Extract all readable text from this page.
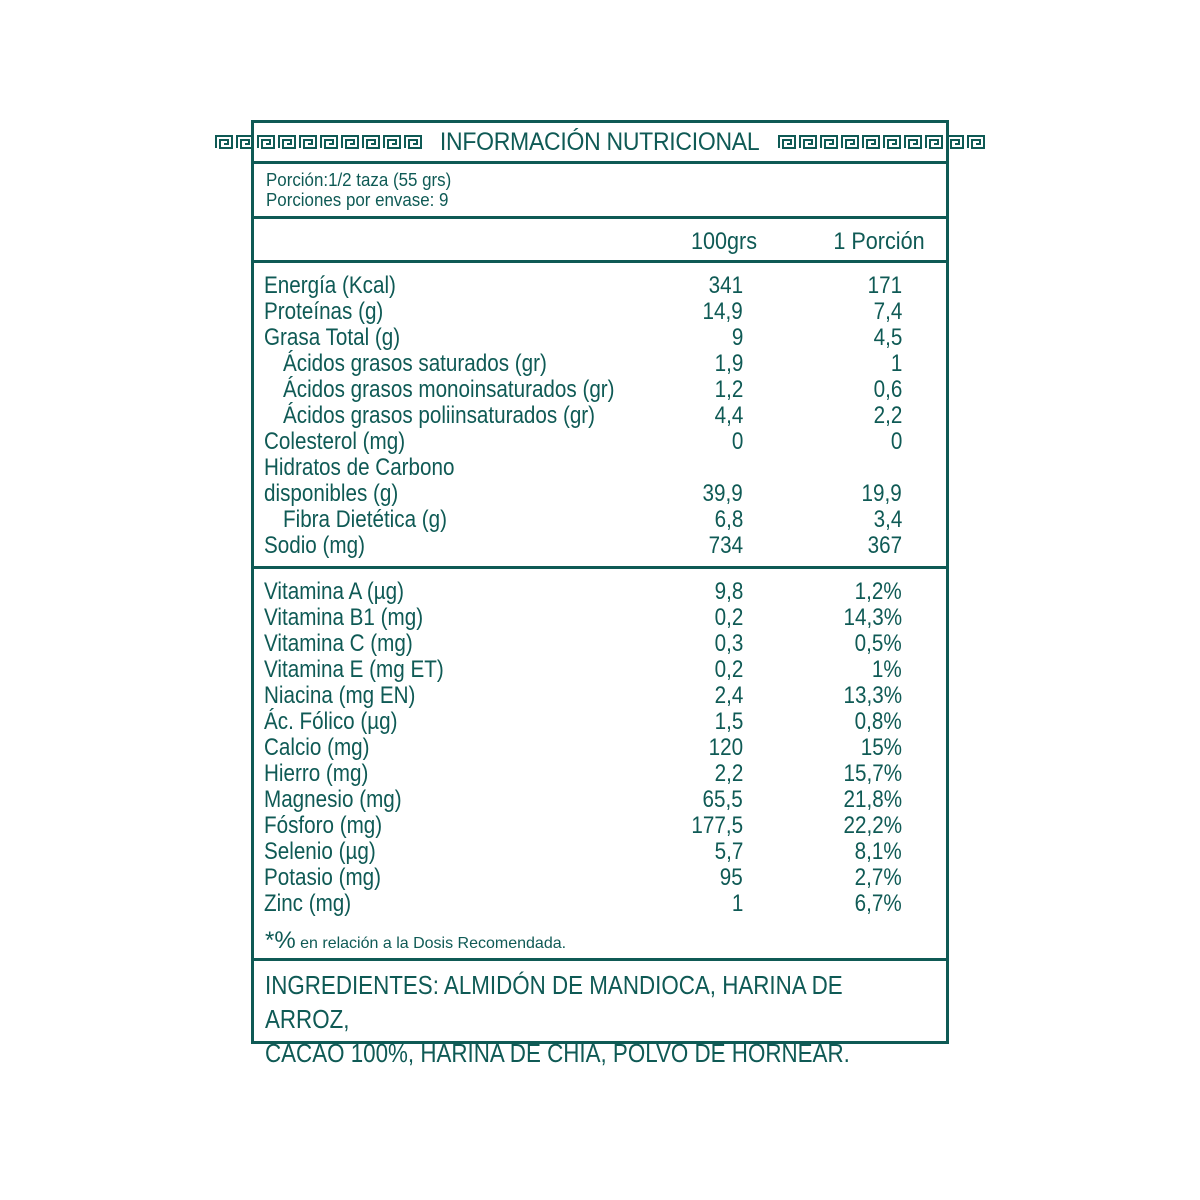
INFORMACIÓN NUTRICIONAL
Porción:1/2 taza (55 grs)
Porciones por envase: 9
100grs	1 Porción
Energía (Kcal)	341	171
Proteínas (g)	14,9	7,4
Grasa Total (g)	9	4,5
Ácidos grasos saturados (gr)	1,9	1
Ácidos grasos monoinsaturados (gr)	1,2	0,6
Ácidos grasos poliinsaturados (gr)	4,4	2,2
Colesterol (mg)	0	0
Hidratos de Carbono
disponibles (g)	39,9	19,9
Fibra Dietética (g)	6,8	3,4
Sodio (mg)	734	367
*% en relación a la Dosis Recomendada.
Vitamina A (µg)	9,8	1,2%
Vitamina B1 (mg)	0,2	14,3%
Vitamina C (mg)	0,3	0,5%
Vitamina E (mg ET)	0,2	1%
Niacina (mg EN)	2,4	13,3%
Ác. Fólico (µg)	1,5	0,8%
Calcio (mg)	120	15%
Hierro (mg)	2,2	15,7%
Magnesio (mg)	65,5	21,8%
Fósforo (mg)	177,5	22,2%
Selenio (µg)	5,7	8,1%
Potasio (mg)	95	2,7%
Zinc (mg)	1	6,7%
INGREDIENTES: ALMIDÓN DE MANDIOCA, HARINA DE ARROZ,
CACAO 100%, HARINA DE CHIA, POLVO DE HORNEAR.
